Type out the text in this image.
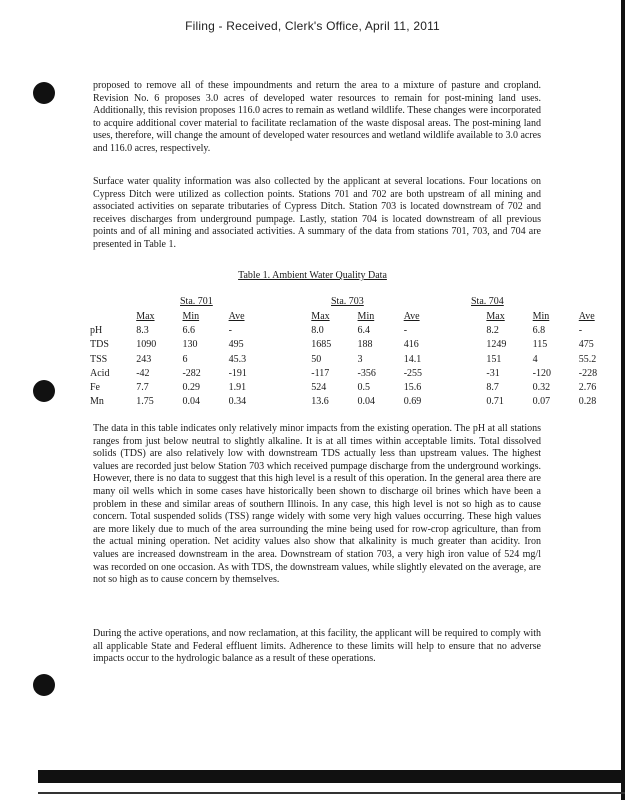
Filing - Received, Clerk's Office, April 11, 2011
proposed to remove all of these impoundments and return the area to a mixture of pasture and cropland. Revision No. 6 proposes 3.0 acres of developed water resources to remain for post-mining land uses. Additionally, this revision proposes 116.0 acres to remain as wetland wildlife. These changes were incorporated to acquire additional cover material to facilitate reclamation of the waste disposal areas. The post-mining land uses, therefore, will change the amount of developed water resources and wetland wildlife available to 3.0 acres and 116.0 acres, respectively.
Surface water quality information was also collected by the applicant at several locations. Four locations on Cypress Ditch were utilized as collection points. Stations 701 and 702 are both upstream of all mining and associated activities on separate tributaries of Cypress Ditch. Station 703 is located downstream of 702 and receives discharges from underground pumpage. Lastly, station 704 is located downstream of all previous points and of all mining and associated activities. A summary of the data from stations 701, 703, and 704 are presented in Table 1.
Table 1. Ambient Water Quality Data
Sta. 701	Sta. 703	Sta. 704
	Max	Min	Ave		Max	Min	Ave		Max	Min	Ave
pH	8.3	6.6	-		8.0	6.4	-		8.2	6.8	-
TDS	1090	130	495		1685	188	416		1249	115	475
TSS	243	6	45.3		50	3	14.1		151	4	55.2
Acid	-42	-282	-191		-117	-356	-255		-31	-120	-228
Fe	7.7	0.29	1.91		524	0.5	15.6		8.7	0.32	2.76
Mn	1.75	0.04	0.34		13.6	0.04	0.69		0.71	0.07	0.28
The data in this table indicates only relatively minor impacts from the existing operation. The pH at all stations ranges from just below neutral to slightly alkaline. It is at all times within acceptable limits. Total dissolved solids (TDS) are also relatively low with downstream TDS actually less than upstream values. The highest values are recorded just below Station 703 which received pumpage discharge from the underground workings. However, there is no data to suggest that this high level is a result of this operation. In the general area there are many oil wells which in some cases have historically been shown to discharge oil brines which have been a problem in these and similar areas of southern Illinois. In any case, this high level is not so high as to cause concern. Total suspended solids (TSS) range widely with some very high values occurring. These high values are more likely due to much of the area surrounding the mine being used for row-crop agriculture, than from the actual mining operation. Net acidity values also show that alkalinity is much greater than acidity. Iron values are increased downstream in the area. Downstream of station 703, a very high iron value of 524 mg/l was recorded on one occasion. As with TDS, the downstream values, while slightly elevated on the average, are not so high as to cause concern by themselves.
During the active operations, and now reclamation, at this facility, the applicant will be required to comply with all applicable State and Federal effluent limits. Adherence to these limits will help to ensure that no adverse impacts occur to the hydrologic balance as a result of these operations.
